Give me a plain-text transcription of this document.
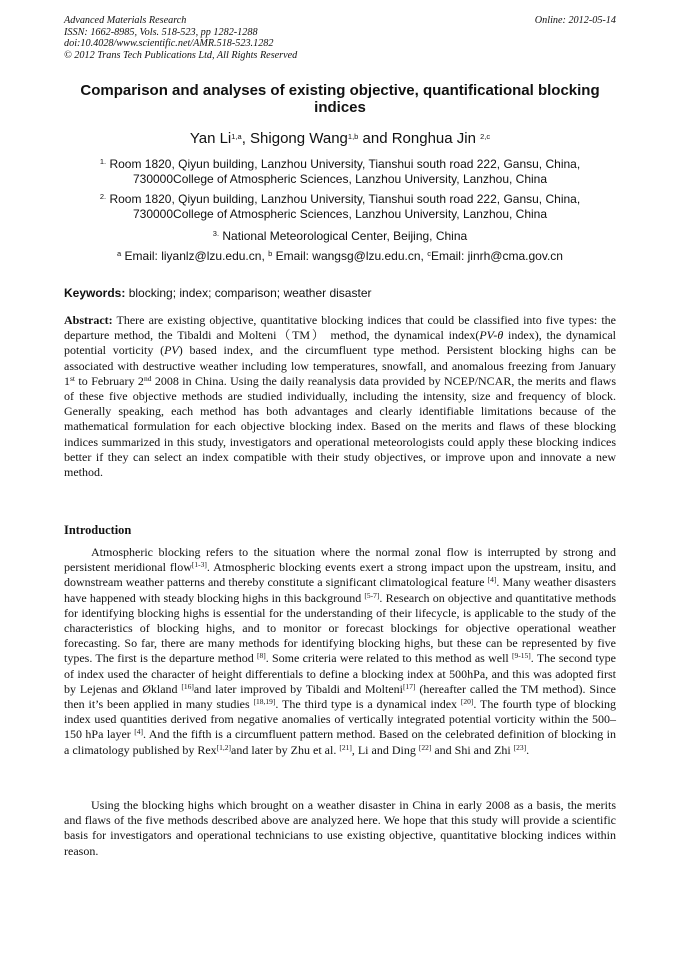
Advanced Materials Research
ISSN: 1662-8985, Vols. 518-523, pp 1282-1288
doi:10.4028/www.scientific.net/AMR.518-523.1282
© 2012 Trans Tech Publications Ltd, All Rights Reserved
Online: 2012-05-14
Comparison and analyses of existing objective, quantificational blocking indices
Yan Li$^{1,a}$, Shigong Wang$^{1,b}$ and Ronghua Jin $^{2,c}$
$^{1.}$ Room 1820, Qiyun building, Lanzhou University, Tianshui south road 222, Gansu, China,
730000College of Atmospheric Sciences, Lanzhou University, Lanzhou, China
$^{2.}$ Room 1820, Qiyun building, Lanzhou University, Tianshui south road 222, Gansu, China,
730000College of Atmospheric Sciences, Lanzhou University, Lanzhou, China
$^{3.}$ National Meteorological Center, Beijing, China
$^a$ Email: liyanlz@lzu.edu.cn, $^b$ Email: wangsg@lzu.edu.cn, $^c$Email: jinrh@cma.gov.cn
Keywords: blocking; index; comparison; weather disaster
Abstract: There are existing objective, quantitative blocking indices that could be classified into five types: the departure method, the Tibaldi and Molteni（TM） method, the dynamical index(PV-θ index), the dynamical potential vorticity (PV) based index, and the circumfluent type method. Persistent blocking highs can be associated with destructive weather including low temperatures, snowfall, and anomalous freezing from January 1st to February 2nd 2008 in China. Using the daily reanalysis data provided by NCEP/NCAR, the merits and flaws of these five objective methods are studied individually, including the intensity, size and frequency of block. Generally speaking, each method has both advantages and clearly identifiable limitations because of the mathematical formulation for each objective blocking index. Based on the merits and flaws of these blocking indices summarized in this study, investigators and operational meteorologists could apply these blocking indices better if they can select an index compatible with their study objectives, or improve upon and innovate a new method.
Introduction
Atmospheric blocking refers to the situation where the normal zonal flow is interrupted by strong and persistent meridional flow[1-3]. Atmospheric blocking events exert a strong impact upon the upstream, insitu, and downstream weather patterns and thereby constitute a significant climatological feature [4]. Many weather disasters have happened with steady blocking highs in this background [5-7]. Research on objective and quantitative methods for identifying blocking highs is essential for the understanding of their lifecycle, is applicable to the study of the characteristics of blocking highs, and to monitor or forecast blockings for objective operational weather forecasting. So far, there are many methods for identifying blocking highs, but these can be represented by five types. The first is the departure method [8]. Some criteria were related to this method as well [9-15]. The second type of index used the character of height differentials to define a blocking index at 500hPa, and this was adopted first by Lejenas and Økland [16]and later improved by Tibaldi and Molteni[17] (hereafter called the TM method). Since then it’s been applied in many studies [18,19]. The third type is a dynamical index [20]. The fourth type of blocking index used quantities derived from negative anomalies of vertically integrated potential vorticity within the 500–150 hPa layer [4]. And the fifth is a circumfluent pattern method. Based on the celebrated definition of blocking in a climatology published by Rex[1,2]and later by Zhu et al. [21], Li and Ding [22] and Shi and Zhi [23].
Using the blocking highs which brought on a weather disaster in China in early 2008 as a basis, the merits and flaws of the five methods described above are analyzed here. We hope that this study will provide a scientific basis for investigators and operational technicians to use existing objective, quantitative blocking indices within reason.
